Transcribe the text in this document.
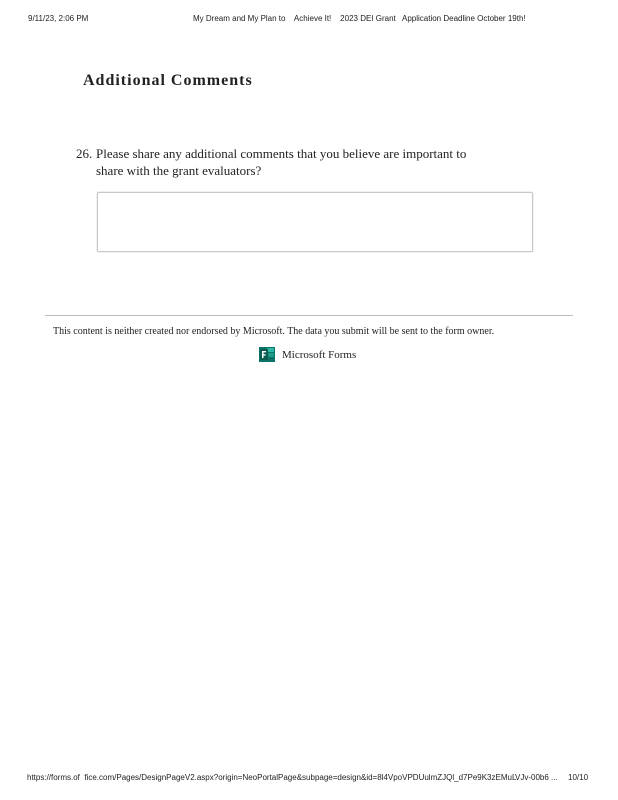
9/11/23, 2:06 PM	My Dream and My Plan to    Achieve It!    2023 DEI Grant   Application Deadline October 19th!
Additional Comments
26. Please share any additional comments that you believe are important to share with the grant evaluators?
This content is neither created nor endorsed by Microsoft. The data you submit will be sent to the form owner.
Microsoft Forms
https://forms.of  fice.com/Pages/DesignPageV2.aspx?origin=NeoPortalPage&subpage=design&id=8l4VpoVPDUulmZJQl_d7Pe9K3zEMuL
VJv-00b6 ... 10/10
